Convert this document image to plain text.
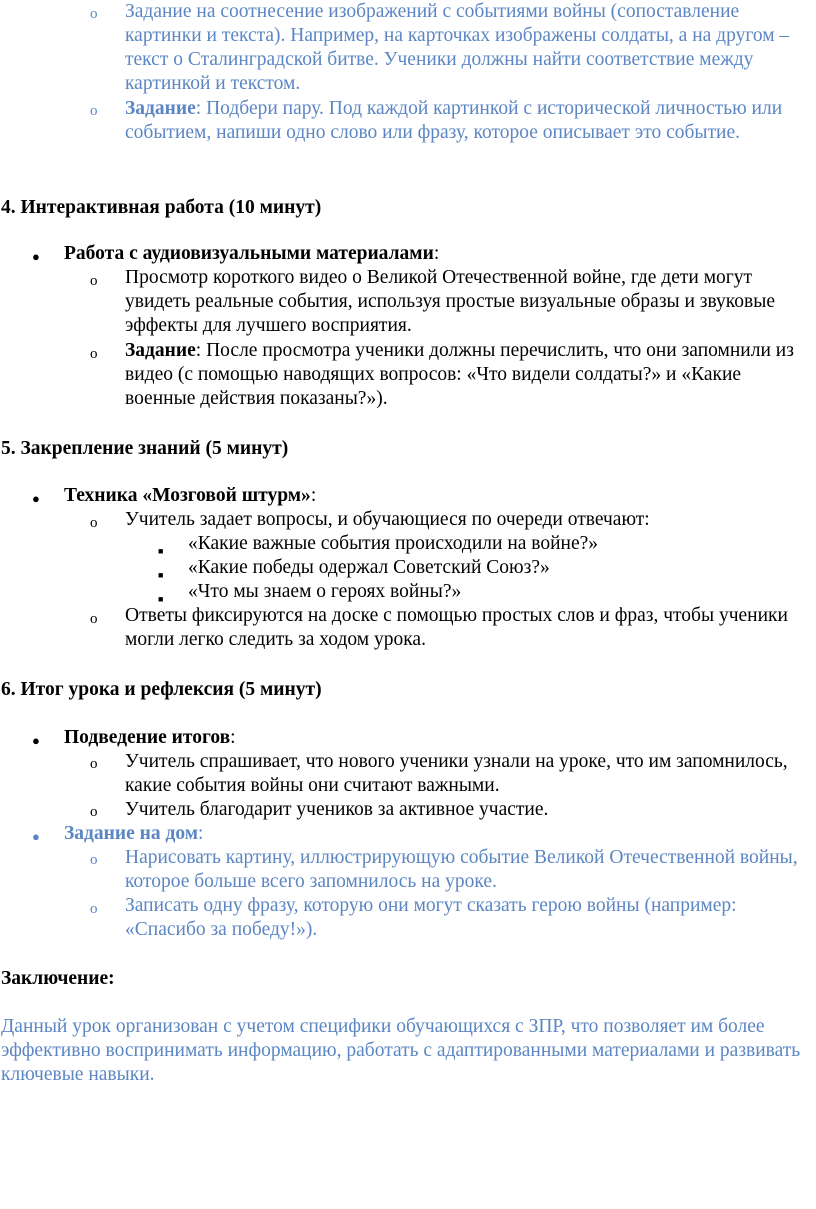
o Задание на соотнесение изображений с событиями войны (сопоставление картинки и текста). Например, на карточках изображены солдаты, а на другом – текст о Сталинградской битве. Ученики должны найти соответствие между картинкой и текстом.

o Задание: Подбери пару. Под каждой картинкой с исторической личностью или событием, напиши одно слово или фразу, которое описывает это событие.

4. Интерактивная работа (10 минут)
● Работа с аудиовизуальными материалами:

o Просмотр короткого видео о Великой Отечественной войне, где дети могут увидеть реальные события, используя простые визуальные образы и звуковые эффекты для лучшего восприятия.

o Задание: После просмотра ученики должны перечислить, что они запомнили из видео (с помощью наводящих вопросов: «Что видели солдаты?» и «Какие военные действия показаны?»).

5. Закрепление знаний (5 минут)
● Техника «Мозговой штурм»:

o Учитель задает вопросы, и обучающиеся по очереди отвечают:

■ «Какие важные события происходили на войне?»

■ «Какие победы одержал Советский Союз?»

■ «Что мы знаем о героях войны?»

o Ответы фиксируются на доске с помощью простых слов и фраз, чтобы ученики могли легко следить за ходом урока.

6. Итог урока и рефлексия (5 минут)
● Подведение итогов:

o Учитель спрашивает, что нового ученики узнали на уроке, что им запомнилось, какие события войны они считают важными.

o Учитель благодарит учеников за активное участие.

● Задание на дом:

o Нарисовать картину, иллюстрирующую событие Великой Отечественной войны, которое больше всего запомнилось на уроке.

o Записать одну фразу, которую они могут сказать герою войны (например: «Спасибо за победу!»).

Заключение:

Данный урок организован с учетом специфики обучающихся с ЗПР, что позволяет им более эффективно воспринимать информацию, работать с адаптированными материалами и развивать ключевые навыки.
